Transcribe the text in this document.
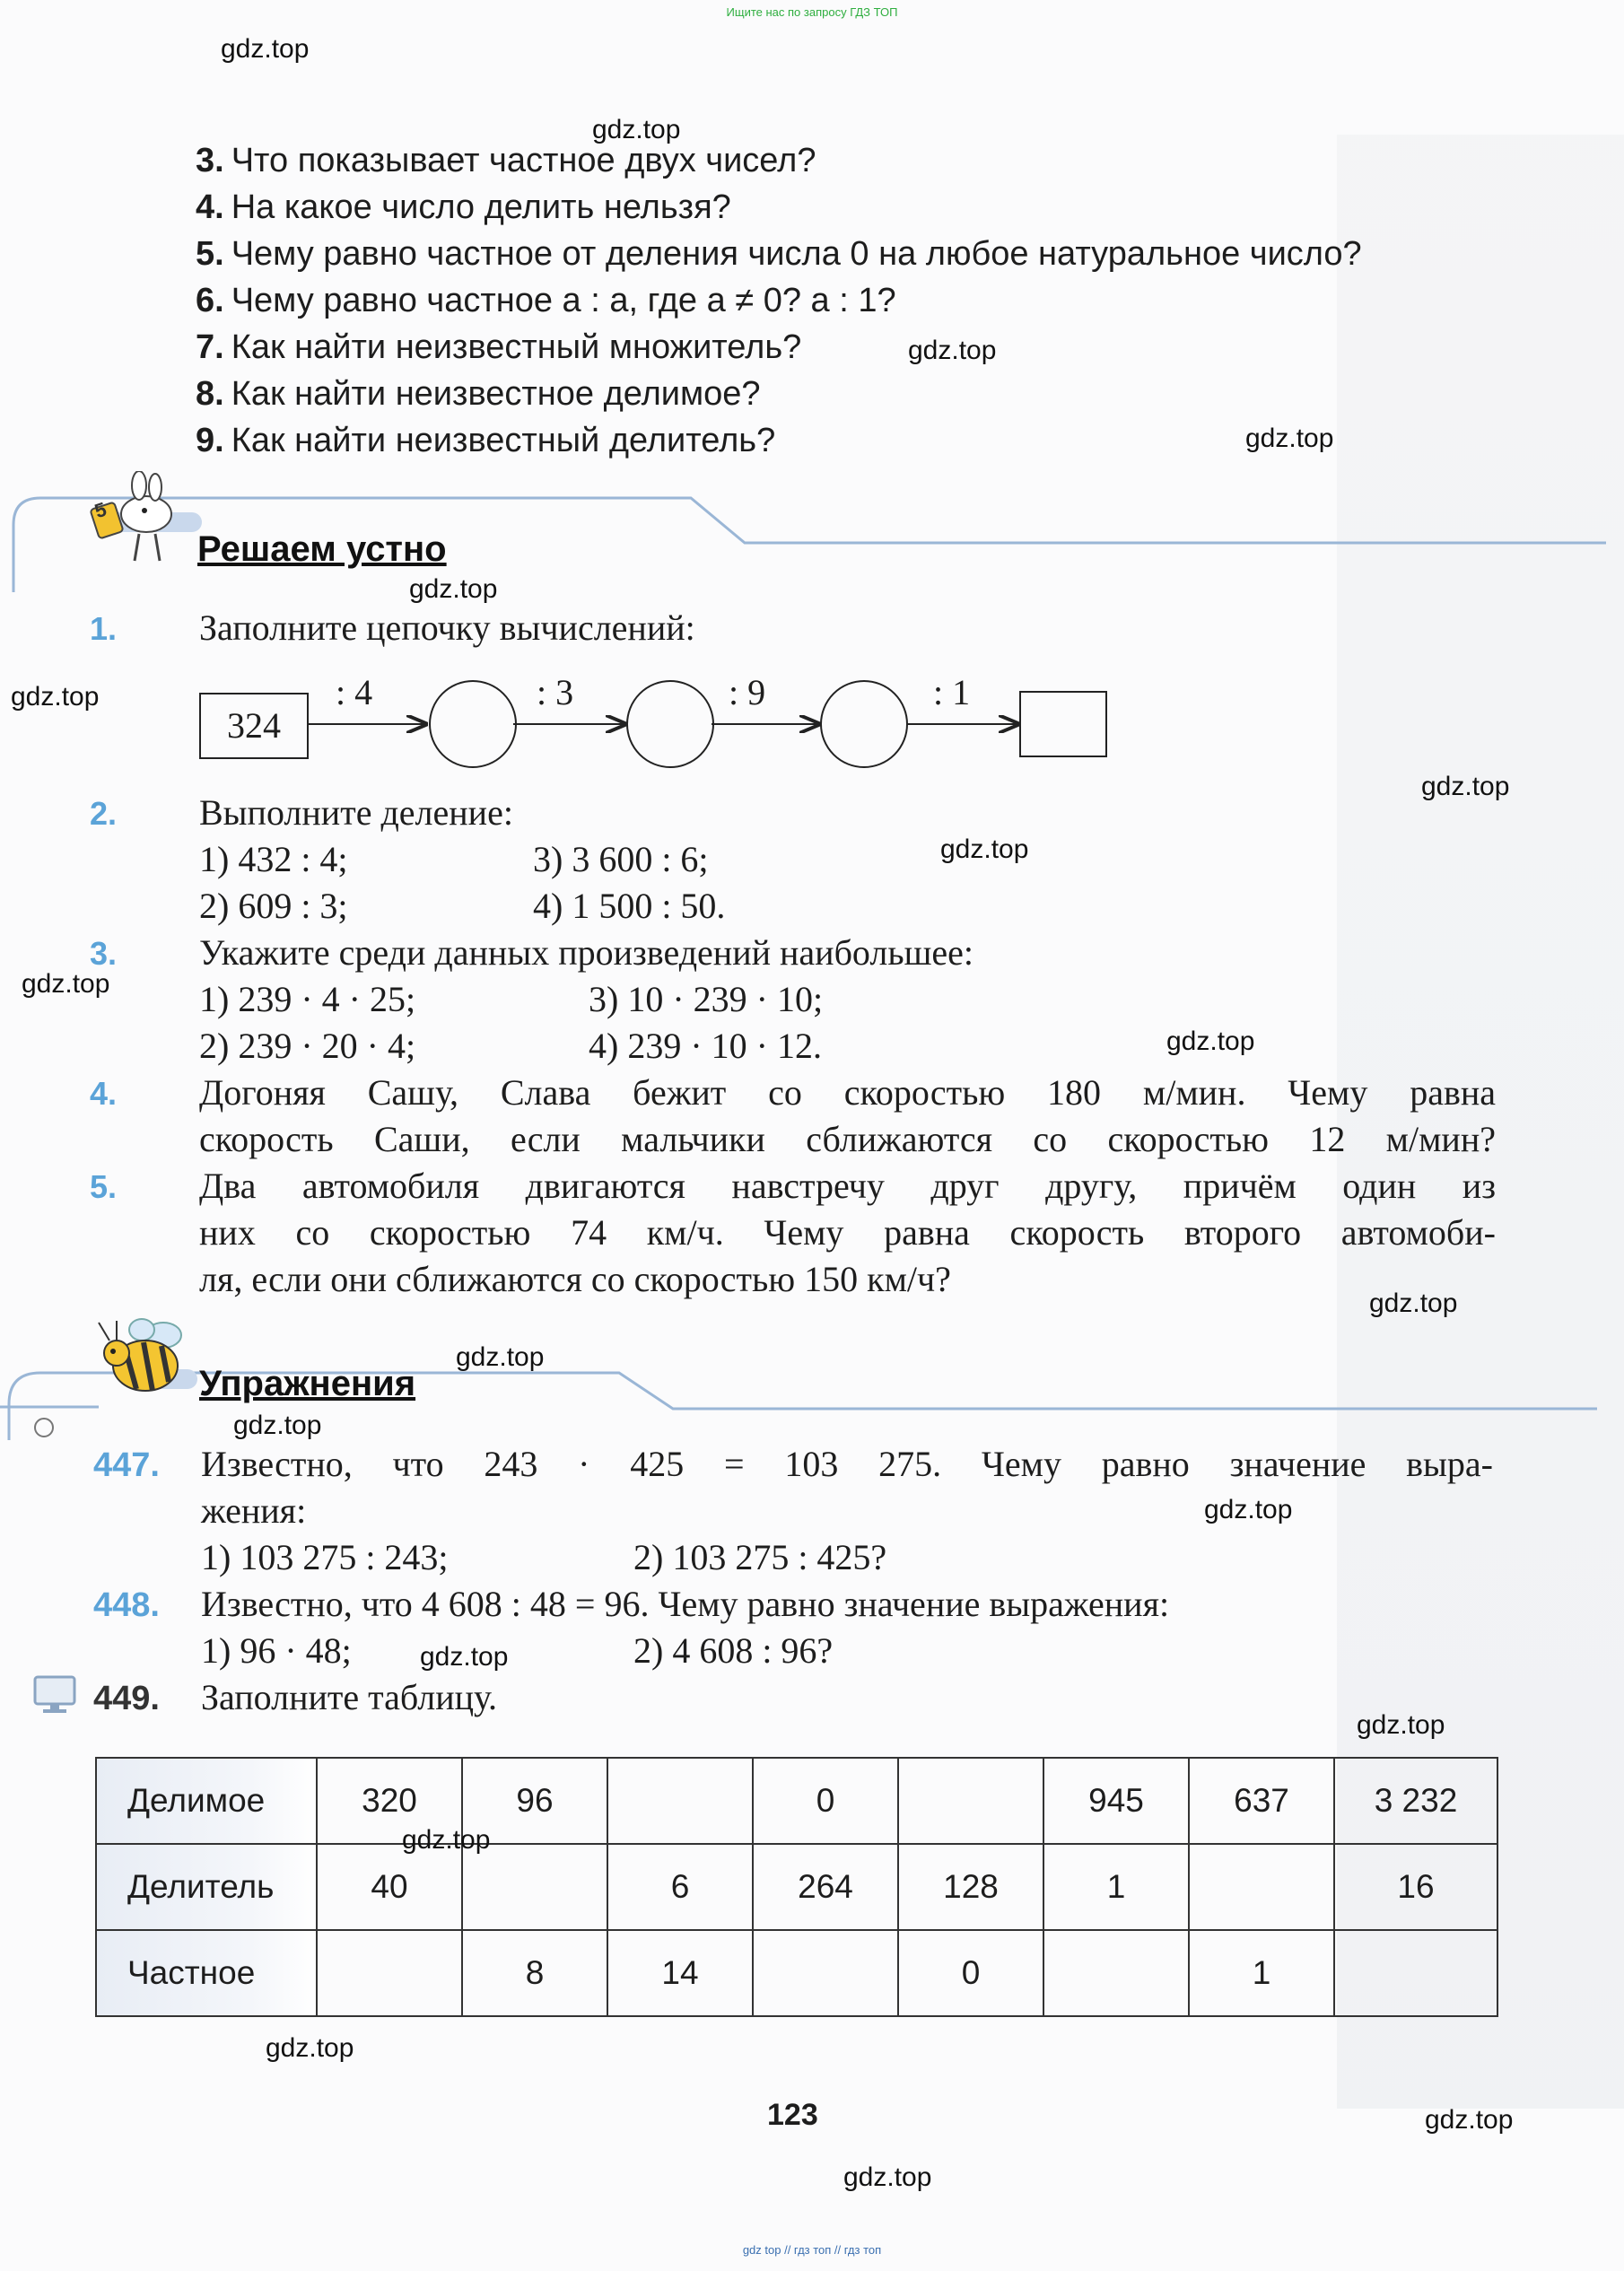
Ищите нас по запросу ГДЗ ТОП
3. Что показывает частное двух чисел?
4. На какое число делить нельзя?
5. Чему равно частное от деления числа 0 на любое натуральное число?
6. Чему равно частное a : a, где a ≠ 0? a : 1?
7. Как найти неизвестный множитель?
8. Как найти неизвестное делимое?
9. Как найти неизвестный делитель?
5
Решаем устно
1. Заполните цепочку вычислений:
324
: 4	: 3	: 9	: 1
2. Выполните деление:
1) 432 : 4;	3) 3 600 : 6;
2) 609 : 3;	4) 1 500 : 50.
3. Укажите среди данных произведений наибольшее:
1) 239 · 4 · 25;	3) 10 · 239 · 10;
2) 239 · 20 · 4;	4) 239 · 10 · 12.
4. Догоняя Сашу, Слава бежит со скоростью 180 м/мин. Чему равна
скорость Саши, если мальчики сближаются со скоростью 12 м/мин?
5. Два автомобиля двигаются навстречу друг другу, причём один из
них со скоростью 74 км/ч. Чему равна скорость второго автомоби-
ля, если они сближаются со скоростью 150 км/ч?
Упражнения
447. Известно, что 243 · 425 = 103 275. Чему равно значение выра-
жения:
1) 103 275 : 243;	2) 103 275 : 425?
448. Известно, что 4 608 : 48 = 96. Чему равно значение выражения:
1) 96 · 48;	2) 4 608 : 96?
449. Заполните таблицу.
Делимое	320	96		0		945	637	3 232
Делитель	40		6	264	128	1		16
Частное		8	14		0		1	
123
gdz.top
gdz.top
gdz.top
gdz.top
gdz.top
gdz.top
gdz.top
gdz.top
gdz.top
gdz.top
gdz.top
gdz.top
gdz.top
gdz.top
gdz.top
gdz.top
gdz.top
gdz.top
gdz.top
gdz.top
gdz top // гдз топ // гдз топ
